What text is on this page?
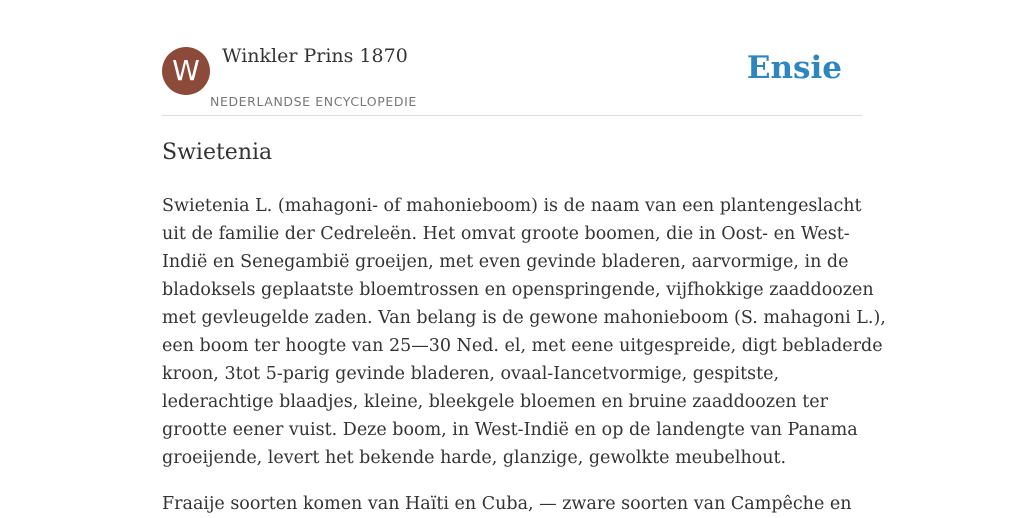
W	Winkler Prins 1870
NEDERLANDSE ENCYCLOPEDIE
Ensie
Swietenia

Swietenia L. (mahagoni- of mahonieboom) is de naam van een plantengeslacht
uit de familie der Cedreleën. Het omvat groote boomen, die in Oost- en West-
Indië en Senegambië groeijen, met even gevinde bladeren, aarvormige, in de
bladoksels geplaatste bloemtrossen en openspringende, vijfhokkige zaaddoozen
met gevleugelde zaden. Van belang is de gewone mahonieboom (S. mahagoni L.),
een boom ter hoogte van 25—30 Ned. el, met eene uitgespreide, digt bebladerde
kroon, 3tot 5-parig gevinde bladeren, ovaal-Iancetvormige, gespitste,
lederachtige blaadjes, kleine, bleekgele bloemen en bruine zaaddoozen ter
grootte eener vuist. Deze boom, in West-Indië en op de landengte van Panama
groeijende, levert het bekende harde, glanzige, gewolkte meubelhout.

Fraaije soorten komen van Haïti en Cuba, — zware soorten van Campêche en
